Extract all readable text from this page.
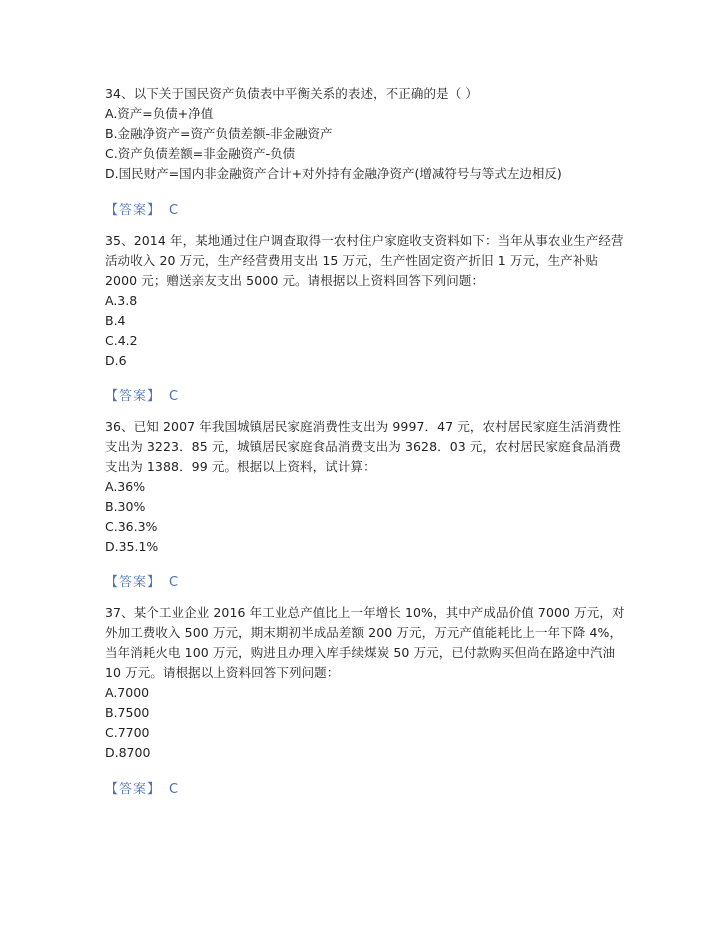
34、以下关于国民资产负债表中平衡关系的表述，不正确的是（ ）

A.资产=负债+净值

B.金融净资产=资产负债差额-非金融资产

C.资产负债差额=非金融资产-负债

D.国民财产=国内非金融资产合计+对外持有金融净资产(增减符号与等式左边相反)

【答案】 C

35、2014 年，某地通过住户调查取得一农村住户家庭收支资料如下：当年从事农业生产经营活动收入 20 万元，生产经营费用支出 15 万元，生产性固定资产折旧 1 万元，生产补贴 2000 元；赠送亲友支出 5000 元。请根据以上资料回答下列问题：

A.3.8

B.4

C.4.2

D.6

【答案】 C

36、已知 2007 年我国城镇居民家庭消费性支出为 9997．47 元，农村居民家庭生活消费性支出为 3223．85 元，城镇居民家庭食品消费支出为 3628．03 元，农村居民家庭食品消费支出为 1388．99 元。根据以上资料，试计算：

A.36%

B.30%

C.36.3%

D.35.1%

【答案】 C

37、某个工业企业 2016 年工业总产值比上一年增长 10%，其中产成品价值 7000 万元，对外加工费收入 500 万元，期末期初半成品差额 200 万元，万元产值能耗比上一年下降 4%，当年消耗火电 100 万元，购进且办理入库手续煤炭 50 万元，已付款购买但尚在路途中汽油 10 万元。请根据以上资料回答下列问题：

A.7000

B.7500

C.7700

D.8700

【答案】 C
